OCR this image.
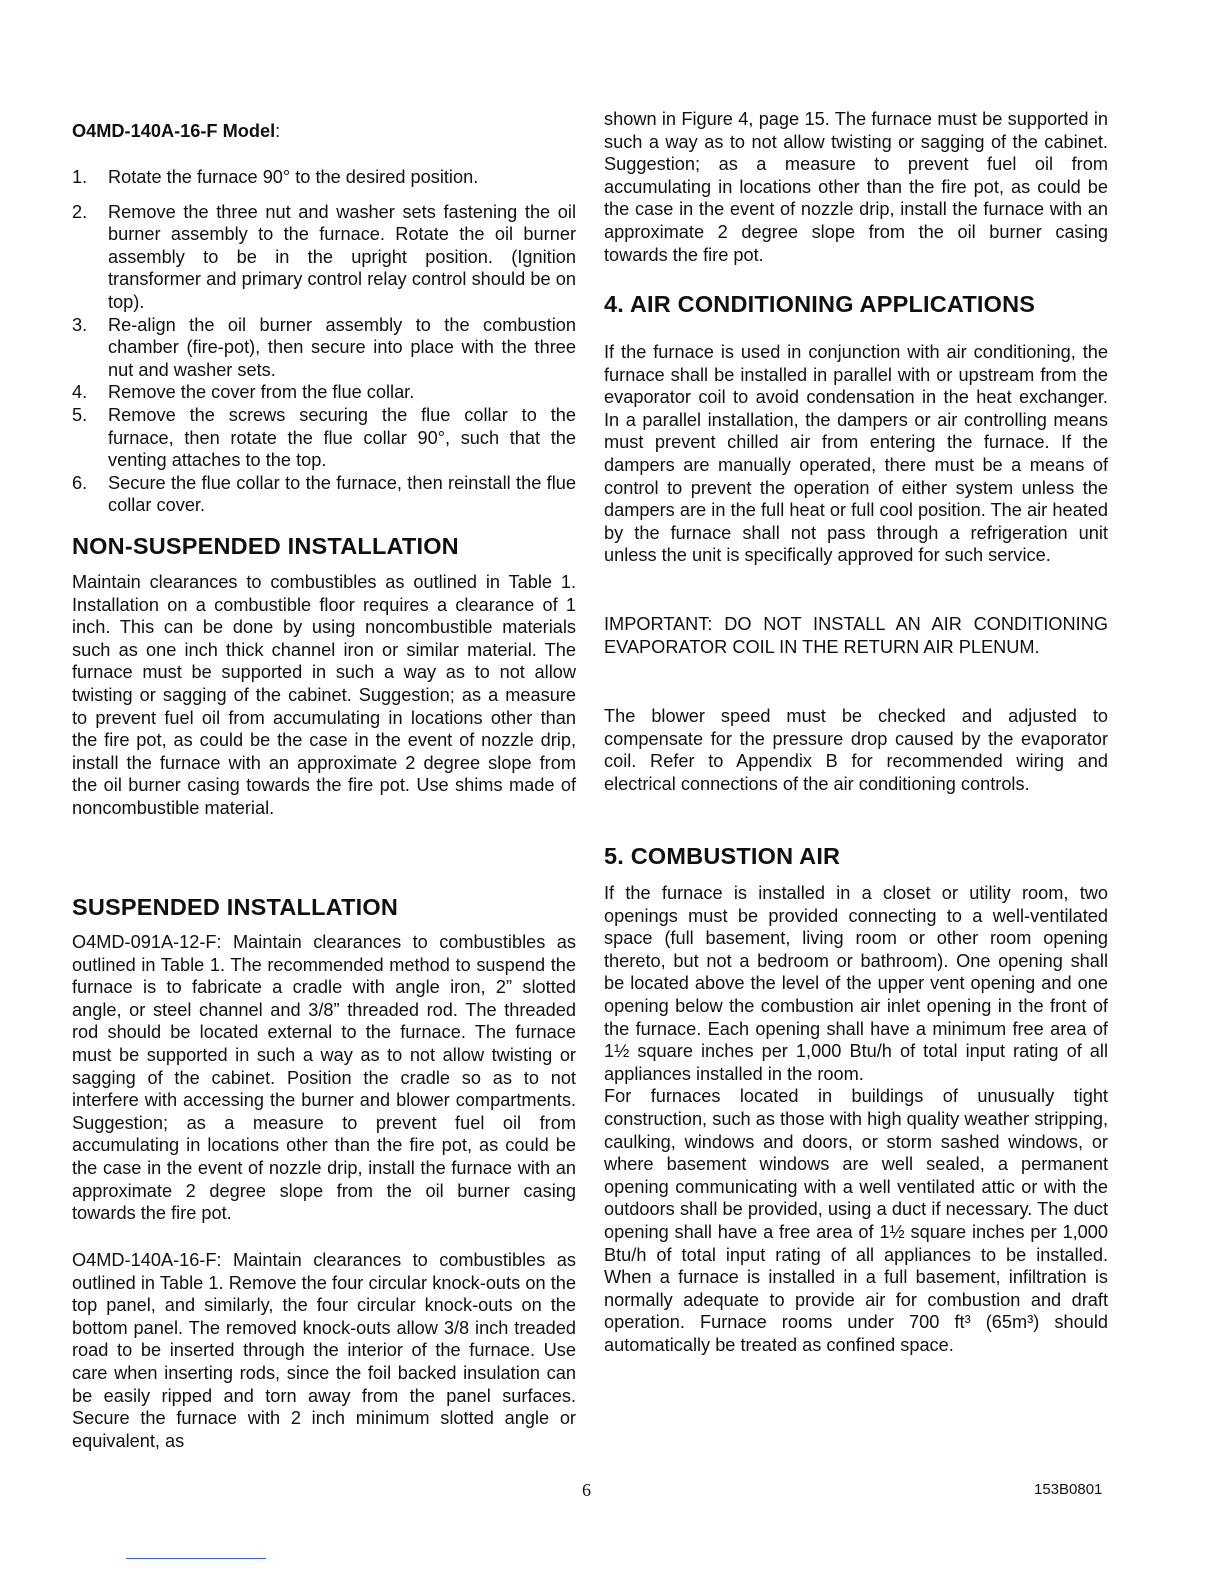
O4MD-140A-16-F Model:
1. Rotate the furnace 90° to the desired position.
2. Remove the three nut and washer sets fastening the oil burner assembly to the furnace. Rotate the oil burner assembly to be in the upright position. (Ignition transformer and primary control relay control should be on top).
3. Re-align the oil burner assembly to the combustion chamber (fire-pot), then secure into place with the three nut and washer sets.
4. Remove the cover from the flue collar.
5. Remove the screws securing the flue collar to the furnace, then rotate the flue collar 90°, such that the venting attaches to the top.
6. Secure the flue collar to the furnace, then reinstall the flue collar cover.
NON-SUSPENDED INSTALLATION

Maintain clearances to combustibles as outlined in Table 1. Installation on a combustible floor requires a clearance of 1 inch. This can be done by using noncombustible materials such as one inch thick channel iron or similar material. The furnace must be supported in such a way as to not allow twisting or sagging of the cabinet. Suggestion; as a measure to prevent fuel oil from accumulating in locations other than the fire pot, as could be the case in the event of nozzle drip, install the furnace with an approximate 2 degree slope from the oil burner casing towards the fire pot. Use shims made of noncombustible material.

SUSPENDED INSTALLATION

O4MD-091A-12-F: Maintain clearances to combustibles as outlined in Table 1. The recommended method to suspend the furnace is to fabricate a cradle with angle iron, 2” slotted angle, or steel channel and 3/8” threaded rod. The threaded rod should be located external to the furnace. The furnace must be supported in such a way as to not allow twisting or sagging of the cabinet. Position the cradle so as to not interfere with accessing the burner and blower compartments. Suggestion; as a measure to prevent fuel oil from accumulating in locations other than the fire pot, as could be the case in the event of nozzle drip, install the furnace with an approximate 2 degree slope from the oil burner casing towards the fire pot.

O4MD-140A-16-F: Maintain clearances to combustibles as outlined in Table 1. Remove the four circular knock-outs on the top panel, and similarly, the four circular knock-outs on the bottom panel. The removed knock-outs allow 3/8 inch treaded road to be inserted through the interior of the furnace. Use care when inserting rods, since the foil backed insulation can be easily ripped and torn away from the panel surfaces. Secure the furnace with 2 inch minimum slotted angle or equivalent, as

shown in Figure 4, page 15. The furnace must be supported in such a way as to not allow twisting or sagging of the cabinet. Suggestion; as a measure to prevent fuel oil from accumulating in locations other than the fire pot, as could be the case in the event of nozzle drip, install the furnace with an approximate 2 degree slope from the oil burner casing towards the fire pot.

4. AIR CONDITIONING APPLICATIONS

If the furnace is used in conjunction with air conditioning, the furnace shall be installed in parallel with or upstream from the evaporator coil to avoid condensation in the heat exchanger. In a parallel installation, the dampers or air controlling means must prevent chilled air from entering the furnace. If the dampers are manually operated, there must be a means of control to prevent the operation of either system unless the dampers are in the full heat or full cool position. The air heated by the furnace shall not pass through a refrigeration unit unless the unit is specifically approved for such service.

IMPORTANT: DO NOT INSTALL AN AIR CONDITIONING EVAPORATOR COIL IN THE RETURN AIR PLENUM.

The blower speed must be checked and adjusted to compensate for the pressure drop caused by the evaporator coil. Refer to Appendix B for recommended wiring and electrical connections of the air conditioning controls.

5. COMBUSTION AIR

If the furnace is installed in a closet or utility room, two openings must be provided connecting to a well-ventilated space (full basement, living room or other room opening thereto, but not a bedroom or bathroom). One opening shall be located above the level of the upper vent opening and one opening below the combustion air inlet opening in the front of the furnace. Each opening shall have a minimum free area of 1½ square inches per 1,000 Btu/h of total input rating of all appliances installed in the room.

For furnaces located in buildings of unusually tight construction, such as those with high quality weather stripping, caulking, windows and doors, or storm sashed windows, or where basement windows are well sealed, a permanent opening communicating with a well ventilated attic or with the outdoors shall be provided, using a duct if necessary. The duct opening shall have a free area of 1½ square inches per 1,000 Btu/h of total input rating of all appliances to be installed. When a furnace is installed in a full basement, infiltration is normally adequate to provide air for combustion and draft operation. Furnace rooms under 700 ft³ (65m³) should automatically be treated as confined space.

6	153B0801
